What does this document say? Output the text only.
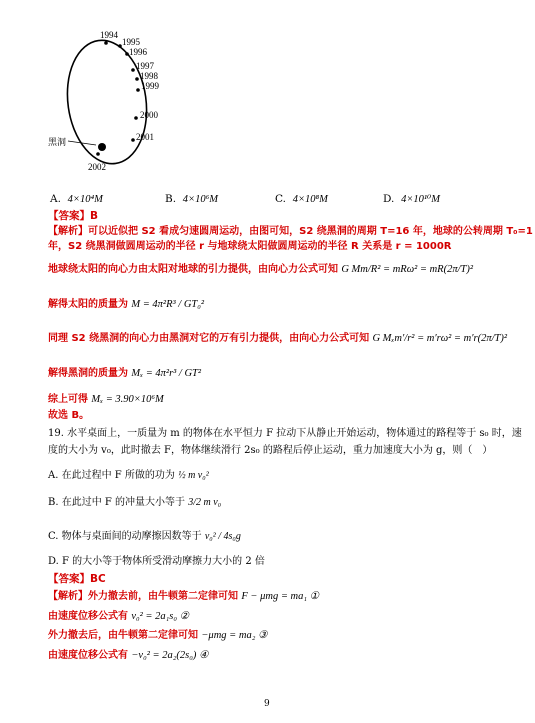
1994
1995
1996
1997
1998
1999
2000
2001
2002
黑洞
A. 4×10⁴M	B. 4×10⁶M	C. 4×10⁸M	D. 4×10¹⁰M
【答案】B
【解析】可以近似把 S2 看成匀速圆周运动，由图可知，S2 绕黑洞的周期 T=16 年，地球的公转周期 T₀=1
年，S2 绕黑洞做圆周运动的半径 r 与地球绕太阳做圆周运动的半径 R 关系是 r = 1000R
地球绕太阳的向心力由太阳对地球的引力提供，由向心力公式可知 G Mm/R² = mRω² = mR(2π/T)²
解得太阳的质量为 M = 4π²R³ / GT₀²
同理 S2 绕黑洞的向心力由黑洞对它的万有引力提供，由向心力公式可知 G Mₓm′/r² = m′rω² = m′r(2π/T)²
解得黑洞的质量为 Mₓ = 4π²r³ / GT²
综上可得 Mₓ = 3.90×10⁶M
故选 B。
19. 水平桌面上，一质量为 m 的物体在水平恒力 F 拉动下从静止开始运动，物体通过的路程等于 s₀ 时，速
度的大小为 v₀，此时撤去 F，物体继续滑行 2s₀ 的路程后停止运动，重力加速度大小为 g，则（　）
A. 在此过程中 F 所做的功为 ½ m v₀²
B. 在此过中 F 的冲量大小等于 3/2 m v₀
C. 物体与桌面间的动摩擦因数等于 v₀² / 4s₀g
D. F 的大小等于物体所受滑动摩擦力大小的 2 倍
【答案】BC
【解析】外力撤去前，由牛顿第二定律可知 F − μmg = ma₁ ①
由速度位移公式有 v₀² = 2a₁s₀ ②
外力撤去后，由牛顿第二定律可知 −μmg = ma₂ ③
由速度位移公式有 −v₀² = 2a₂(2s₀) ④
9
